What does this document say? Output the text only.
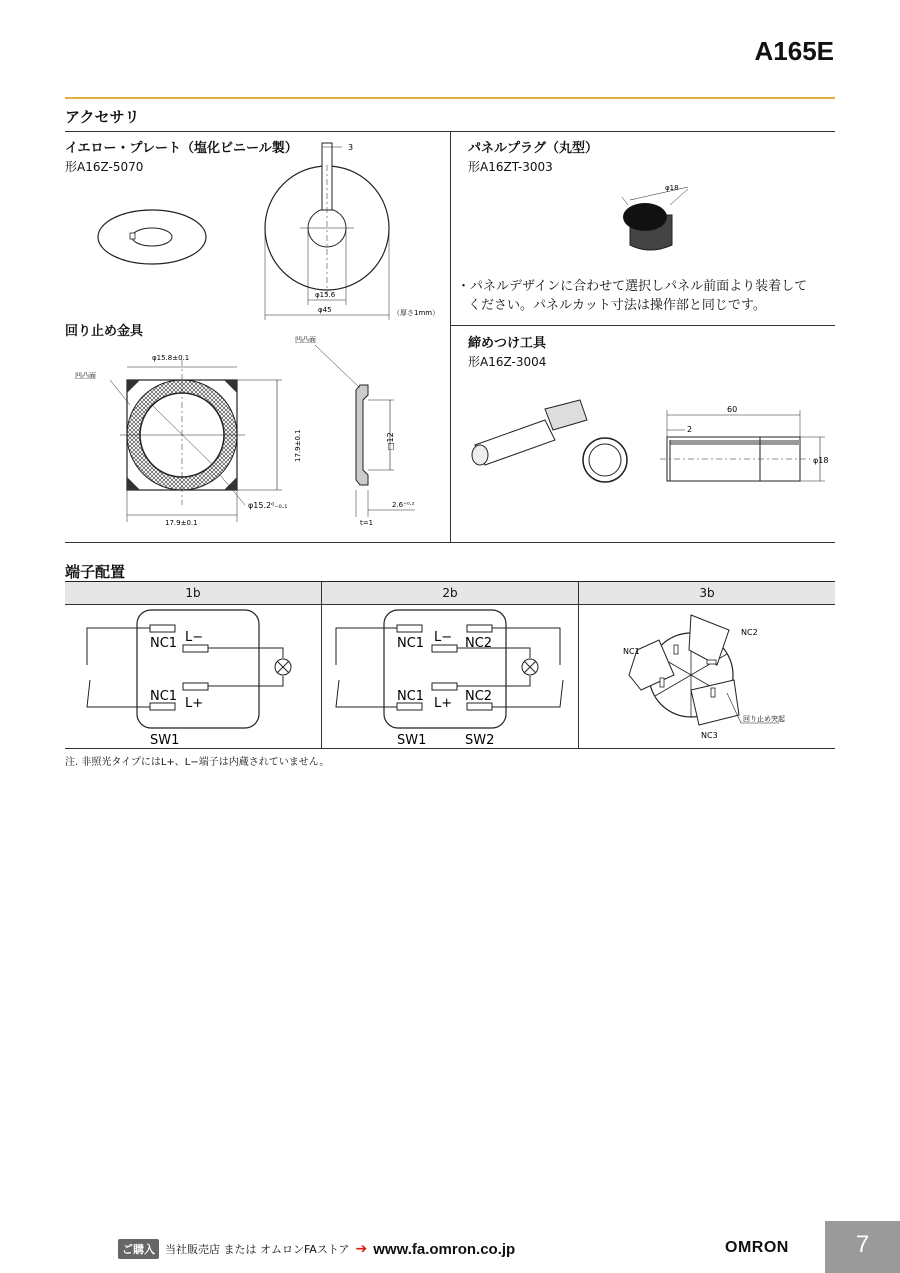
A165E
アクセサリ
イエロー・プレート（塩化ビニール製）
形A16Z-5070
3
φ15.6
φ45	（厚さ1mm）
回り止め金具
φ15.8±0.1
凹凸面
凹凸面
17.9±0.1
17.9±0.1
φ15.2⁰₋₀.₁
□12
2.6⁺⁰·²
t=1
パネルプラグ（丸型）
形A16ZT-3003
φ18
・パネルデザインに合わせて選択しパネル前面より装着して
ください。パネルカット寸法は操作部と同じです。
締めつけ工具
形A16Z-3004
60
2
φ18
端子配置
1b	2b	3b
NC1 L−
NC1 L+
SW1
NC1 L− NC2
NC1 L+ NC2
SW1	SW2
NC1
NC2
NC3
回り止め突起
注. 非照光タイプにはL+、L−端子は内蔵されていません。
ご購入 当社販売店 または オムロンFAストア ➔ www.fa.omron.co.jp	OMRON	7
